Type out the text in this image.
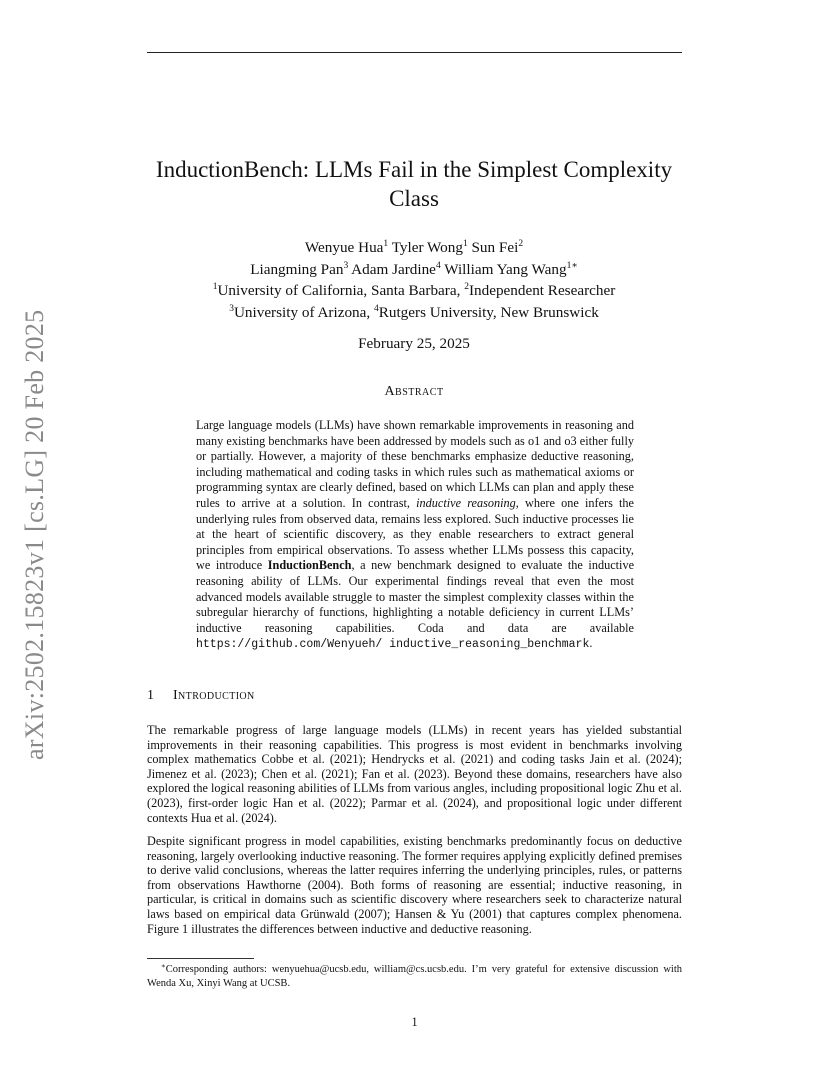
arXiv:2502.15823v1 [cs.LG] 20 Feb 2025
InductionBench: LLMs Fail in the Simplest Complexity
Class
Wenyue Hua$^1$ Tyler Wong$^1$ Sun Fei$^2$
Liangming Pan$^3$ Adam Jardine$^4$ William Yang Wang$^{1∗}$
$^1$University of California, Santa Barbara, $^2$Independent Researcher
$^3$University of Arizona, $^4$Rutgers University, New Brunswick
February 25, 2025
Abstract
Large language models (LLMs) have shown remarkable improvements in reasoning and many existing benchmarks have been addressed by models such as o1 and o3 either fully or partially. However, a majority of these benchmarks emphasize deductive reasoning, including mathematical and coding tasks in which rules such as mathematical axioms or programming syntax are clearly defined, based on which LLMs can plan and apply these rules to arrive at a solution. In contrast, inductive reasoning, where one infers the underlying rules from observed data, remains less explored. Such inductive processes lie at the heart of scientific discovery, as they enable researchers to extract general principles from empirical observations. To assess whether LLMs possess this capacity, we introduce InductionBench, a new benchmark designed to evaluate the inductive reasoning ability of LLMs. Our experimental findings reveal that even the most advanced models available struggle to master the simplest complexity classes within the subregular hierarchy of functions, highlighting a notable deficiency in current LLMs’ inductive reasoning capabilities. Coda and data are available https://github.com/Wenyueh/ inductive_reasoning_benchmark.
1 Introduction
The remarkable progress of large language models (LLMs) in recent years has yielded substantial improvements in their reasoning capabilities. This progress is most evident in benchmarks involving complex mathematics Cobbe et al. (2021); Hendrycks et al. (2021) and coding tasks Jain et al. (2024); Jimenez et al. (2023); Chen et al. (2021); Fan et al. (2023). Beyond these domains, researchers have also explored the logical reasoning abilities of LLMs from various angles, including propositional logic Zhu et al. (2023), first-order logic Han et al. (2022); Parmar et al. (2024), and propositional logic under different contexts Hua et al. (2024).
Despite significant progress in model capabilities, existing benchmarks predominantly focus on deductive reasoning, largely overlooking inductive reasoning. The former requires applying explicitly defined premises to derive valid conclusions, whereas the latter requires inferring the underlying principles, rules, or patterns from observations Hawthorne (2004). Both forms of reasoning are essential; inductive reasoning, in particular, is critical in domains such as scientific discovery where researchers seek to characterize natural laws based on empirical data Grünwald (2007); Hansen & Yu (2001) that captures complex phenomena. Figure 1 illustrates the differences between inductive and deductive reasoning.
∗Corresponding authors: wenyuehua@ucsb.edu, william@cs.ucsb.edu. I’m very grateful for extensive discussion with Wenda Xu, Xinyi Wang at UCSB.
1
